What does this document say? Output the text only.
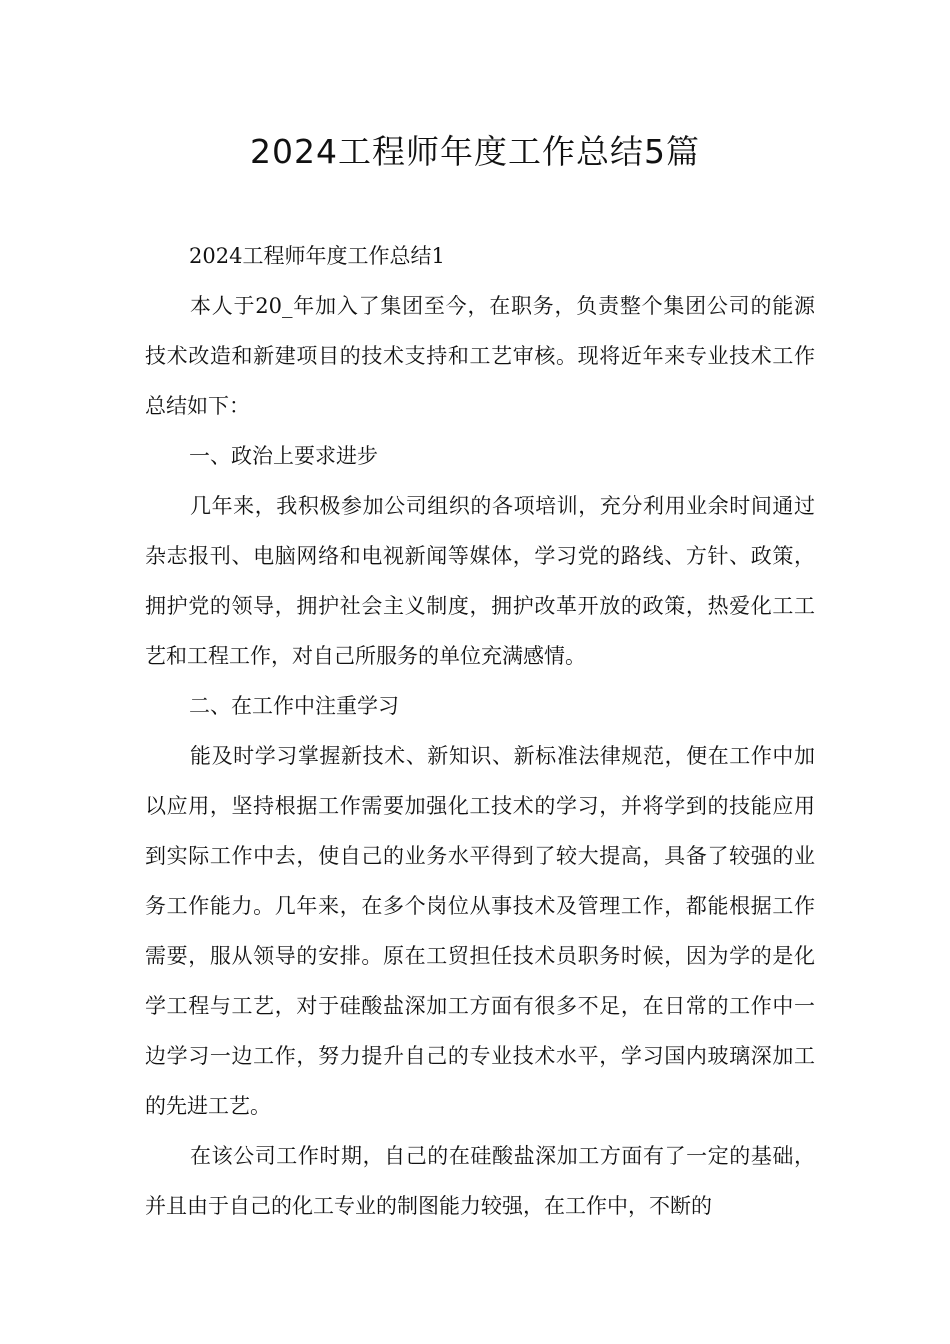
2024工程师年度工作总结5篇

2024工程师年度工作总结1

本人于20_年加入了集团至今，在职务，负责整个集团公司的能源技术改造和新建项目的技术支持和工艺审核。现将近年来专业技术工作总结如下：

一、政治上要求进步

几年来，我积极参加公司组织的各项培训，充分利用业余时间通过杂志报刊、电脑网络和电视新闻等媒体，学习党的路线、方针、政策，拥护党的领导，拥护社会主义制度，拥护改革开放的政策，热爱化工工艺和工程工作，对自己所服务的单位充满感情。

二、在工作中注重学习

能及时学习掌握新技术、新知识、新标准法律规范，便在工作中加以应用，坚持根据工作需要加强化工技术的学习，并将学到的技能应用到实际工作中去，使自己的业务水平得到了较大提高，具备了较强的业务工作能力。几年来，在多个岗位从事技术及管理工作，都能根据工作需要，服从领导的安排。原在工贸担任技术员职务时候，因为学的是化学工程与工艺，对于硅酸盐深加工方面有很多不足，在日常的工作中一边学习一边工作，努力提升自己的专业技术水平，学习国内玻璃深加工的先进工艺。

在该公司工作时期，自己的在硅酸盐深加工方面有了一定的基础，并且由于自己的化工专业的制图能力较强，在工作中，不断的
